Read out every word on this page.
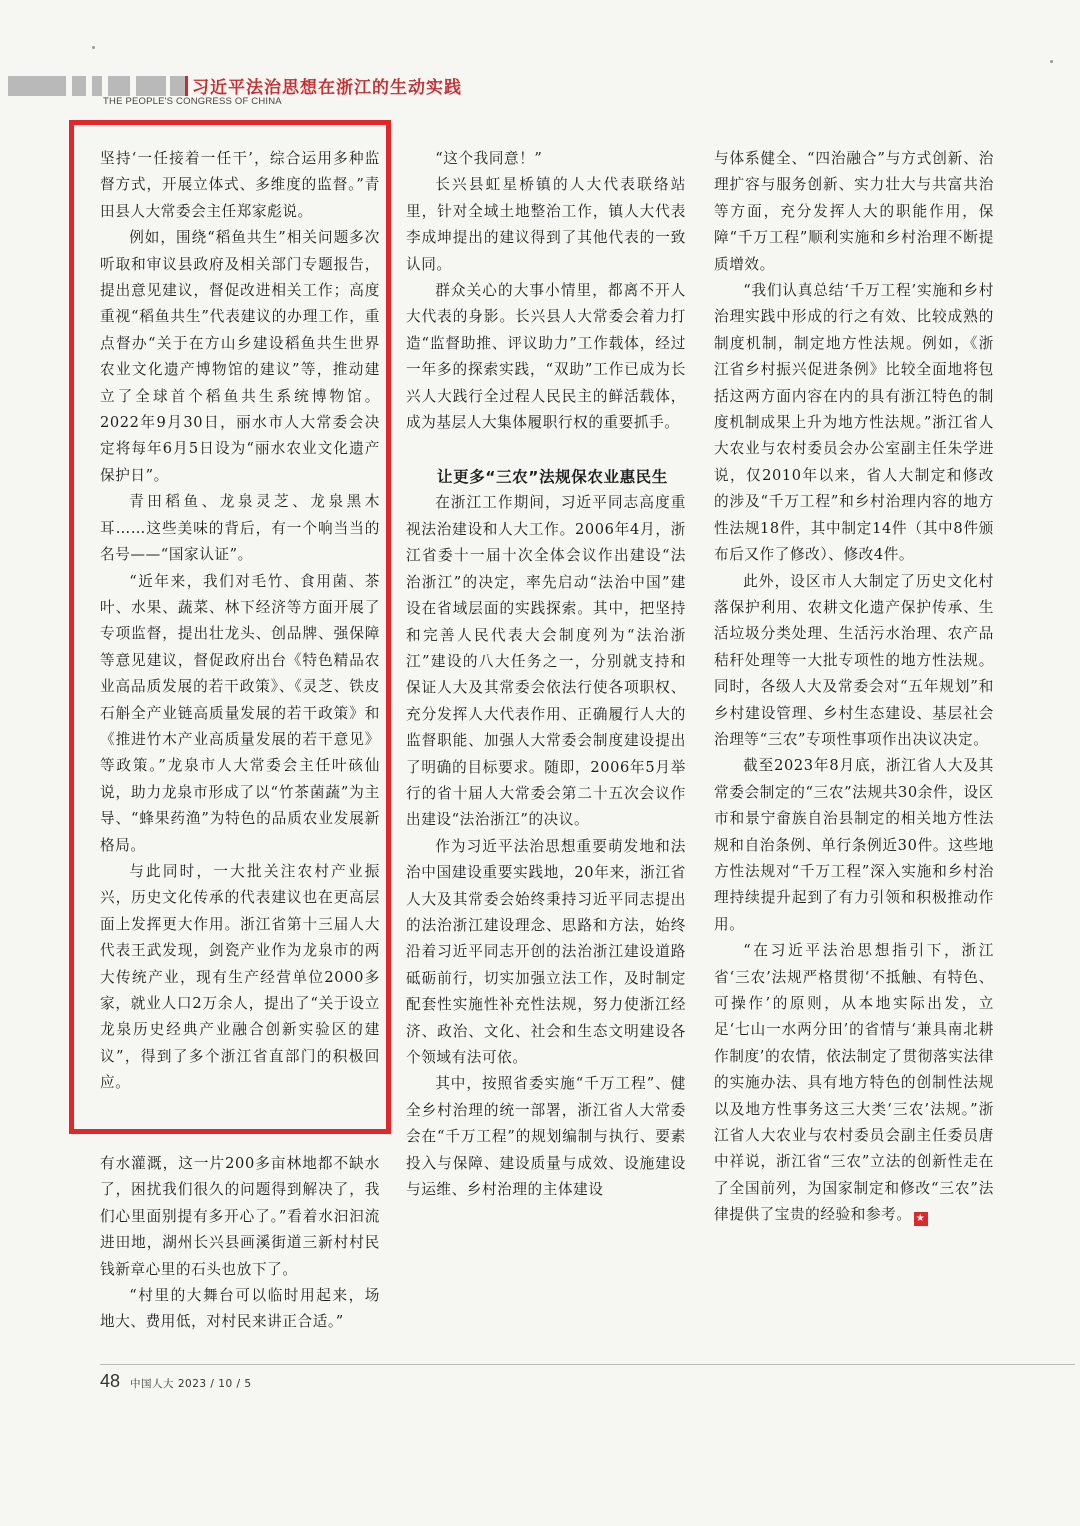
习近平法治思想在浙江的生动实践
THE PEOPLE'S CONGRESS OF CHINA

坚持‘一任接着一任干’，综合运用多种监督方式，开展立体式、多维度的监督。”青田县人大常委会主任郑家彪说。

例如，围绕“稻鱼共生”相关问题多次听取和审议县政府及相关部门专题报告，提出意见建议，督促改进相关工作；高度重视“稻鱼共生”代表建议的办理工作，重点督办“关于在方山乡建设稻鱼共生世界农业文化遗产博物馆的建议”等，推动建立了全球首个稻鱼共生系统博物馆。2022年9月30日，丽水市人大常委会决定将每年6月5日设为“丽水农业文化遗产保护日”。

青田稻鱼、龙泉灵芝、龙泉黑木耳……这些美味的背后，有一个响当当的名号——“国家认证”。

“近年来，我们对毛竹、食用菌、茶叶、水果、蔬菜、林下经济等方面开展了专项监督，提出壮龙头、创品牌、强保障等意见建议，督促政府出台《特色精品农业高品质发展的若干政策》、《灵芝、铁皮石斛全产业链高质量发展的若干政策》和《推进竹木产业高质量发展的若干意见》等政策。”龙泉市人大常委会主任叶硋仙说，助力龙泉市形成了以“竹茶菌蔬”为主导、“蜂果药渔”为特色的品质农业发展新格局。

与此同时，一大批关注农村产业振兴，历史文化传承的代表建议也在更高层面上发挥更大作用。浙江省第十三届人大代表王武发现，剑瓷产业作为龙泉市的两大传统产业，现有生产经营单位2000多家，就业人口2万余人，提出了“关于设立龙泉历史经典产业融合创新实验区的建议”，得到了多个浙江省直部门的积极回应。

有水灌溉，这一片200多亩林地都不缺水了，困扰我们很久的问题得到解决了，我们心里面别提有多开心了。”看着水汩汩流进田地，湖州长兴县画溪街道三新村村民钱新章心里的石头也放下了。

“村里的大舞台可以临时用起来，场地大、费用低，对村民来讲正合适。”

“这个我同意！”

长兴县虹星桥镇的人大代表联络站里，针对全域土地整治工作，镇人大代表李成坤提出的建议得到了其他代表的一致认同。

群众关心的大事小情里，都离不开人大代表的身影。长兴县人大常委会着力打造“监督助推、评议助力”工作载体，经过一年多的探索实践，“双助”工作已成为长兴人大践行全过程人民民主的鲜活载体，成为基层人大集体履职行权的重要抓手。

让更多“三农”法规保农业惠民生

在浙江工作期间，习近平同志高度重视法治建设和人大工作。2006年4月，浙江省委十一届十次全体会议作出建设“法治浙江”的决定，率先启动“法治中国”建设在省域层面的实践探索。其中，把坚持和完善人民代表大会制度列为“法治浙江”建设的八大任务之一，分别就支持和保证人大及其常委会依法行使各项职权、充分发挥人大代表作用、正确履行人大的监督职能、加强人大常委会制度建设提出了明确的目标要求。随即，2006年5月举行的省十届人大常委会第二十五次会议作出建设“法治浙江”的决议。

作为习近平法治思想重要萌发地和法治中国建设重要实践地，20年来，浙江省人大及其常委会始终秉持习近平同志提出的法治浙江建设理念、思路和方法，始终沿着习近平同志开创的法治浙江建设道路砥砺前行，切实加强立法工作，及时制定配套性实施性补充性法规，努力使浙江经济、政治、文化、社会和生态文明建设各个领域有法可依。

其中，按照省委实施“千万工程”、健全乡村治理的统一部署，浙江省人大常委会在“千万工程”的规划编制与执行、要素投入与保障、建设质量与成效、设施建设与运维、乡村治理的主体建设

与体系健全、“四治融合”与方式创新、治理扩容与服务创新、实力壮大与共富共治等方面，充分发挥人大的职能作用，保障“千万工程”顺利实施和乡村治理不断提质增效。

“我们认真总结‘千万工程’实施和乡村治理实践中形成的行之有效、比较成熟的制度机制，制定地方性法规。例如，《浙江省乡村振兴促进条例》比较全面地将包括这两方面内容在内的具有浙江特色的制度机制成果上升为地方性法规。”浙江省人大农业与农村委员会办公室副主任朱学进说，仅2010年以来，省人大制定和修改的涉及“千万工程”和乡村治理内容的地方性法规18件，其中制定14件（其中8件颁布后又作了修改）、修改4件。

此外，设区市人大制定了历史文化村落保护利用、农耕文化遗产保护传承、生活垃圾分类处理、生活污水治理、农产品秸秆处理等一大批专项性的地方性法规。同时，各级人大及常委会对“五年规划”和乡村建设管理、乡村生态建设、基层社会治理等“三农”专项性事项作出决议决定。

截至2023年8月底，浙江省人大及其常委会制定的“三农”法规共30余件，设区市和景宁畲族自治县制定的相关地方性法规和自治条例、单行条例近30件。这些地方性法规对“千万工程”深入实施和乡村治理持续提升起到了有力引领和积极推动作用。

“在习近平法治思想指引下，浙江省‘三农’法规严格贯彻‘不抵触、有特色、可操作’的原则，从本地实际出发，立足‘七山一水两分田’的省情与‘兼具南北耕作制度’的农情，依法制定了贯彻落实法律的实施办法、具有地方特色的创制性法规以及地方性事务这三大类‘三农’法规。”浙江省人大农业与农村委员会副主任委员唐中祥说，浙江省“三农”立法的创新性走在了全国前列，为国家制定和修改“三农”法律提供了宝贵的经验和参考。 ★

48 中国人大 2023 / 10 / 5
